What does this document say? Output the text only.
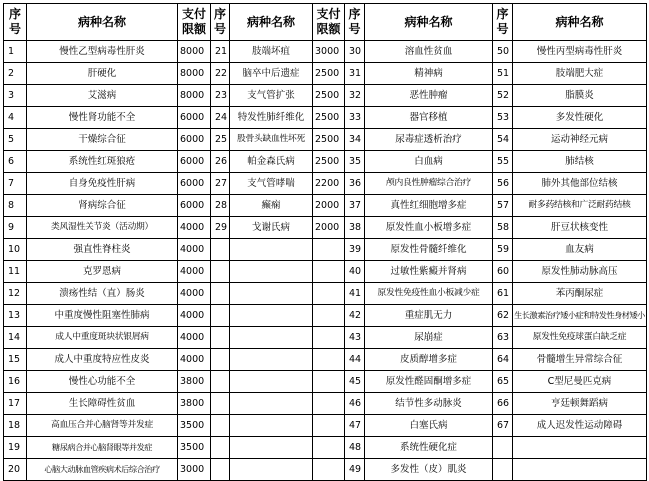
序号	病种名称	支付限额	序号	病种名称	支付限额	序号	病种名称	序号	病种名称
1	慢性乙型病毒性肝炎	8000	21	肢端坏疽	3000	30	溶血性贫血	50	慢性丙型病毒性肝炎
2	肝硬化	8000	22	脑卒中后遗症	2500	31	精神病	51	肢端肥大症
3	艾滋病	8000	23	支气管扩张	2500	32	恶性肿瘤	52	脂膜炎
4	慢性肾功能不全	6000	24	特发性肺纤维化	2500	33	器官移植	53	多发性硬化
5	干燥综合征	6000	25	股骨头缺血性坏死	2500	34	尿毒症透析治疗	54	运动神经元病
6	系统性红斑狼疮	6000	26	帕金森氏病	2500	35	白血病	55	肺结核
7	自身免疫性肝病	6000	27	支气管哮喘	2200	36	颅内良性肿瘤综合治疗	56	肺外其他部位结核
8	肾病综合征	6000	28	癫痫	2000	37	真性红细胞增多症	57	耐多药结核和广泛耐药结核
9	类风湿性关节炎（活动期）	4000	29	戈谢氏病	2000	38	原发性血小板增多症	58	肝豆状核变性
10	强直性脊柱炎	4000				39	原发性骨髓纤维化	59	血友病
11	克罗恩病	4000				40	过敏性紫癜并肾病	60	原发性肺动脉高压
12	溃疡性结（直）肠炎	4000				41	原发性免疫性血小板减少症	61	苯丙酮尿症
13	中重度慢性阻塞性肺病	4000				42	重症肌无力	62	生长激素治疗矮小症和特发性身材矮小
14	成人中重度斑块状银屑病	4000				43	尿崩症	63	原发性免疫球蛋白缺乏症
15	成人中重度特应性皮炎	4000				44	皮质醇增多症	64	骨髓增生异常综合征
16	慢性心功能不全	3800				45	原发性醛固酮增多症	65	C型尼曼匹克病
17	生长障碍性贫血	3800				46	结节性多动脉炎	66	亨廷顿舞蹈病
18	高血压合并心脑肾等并发症	3500				47	白塞氏病	67	成人迟发性运动障碍
19	糖尿病合并心脑肾眼等并发症	3500				48	系统性硬化症		
20	心脑大动脉血管疾病术后综合治疗	3000				49	多发性（皮）肌炎		
